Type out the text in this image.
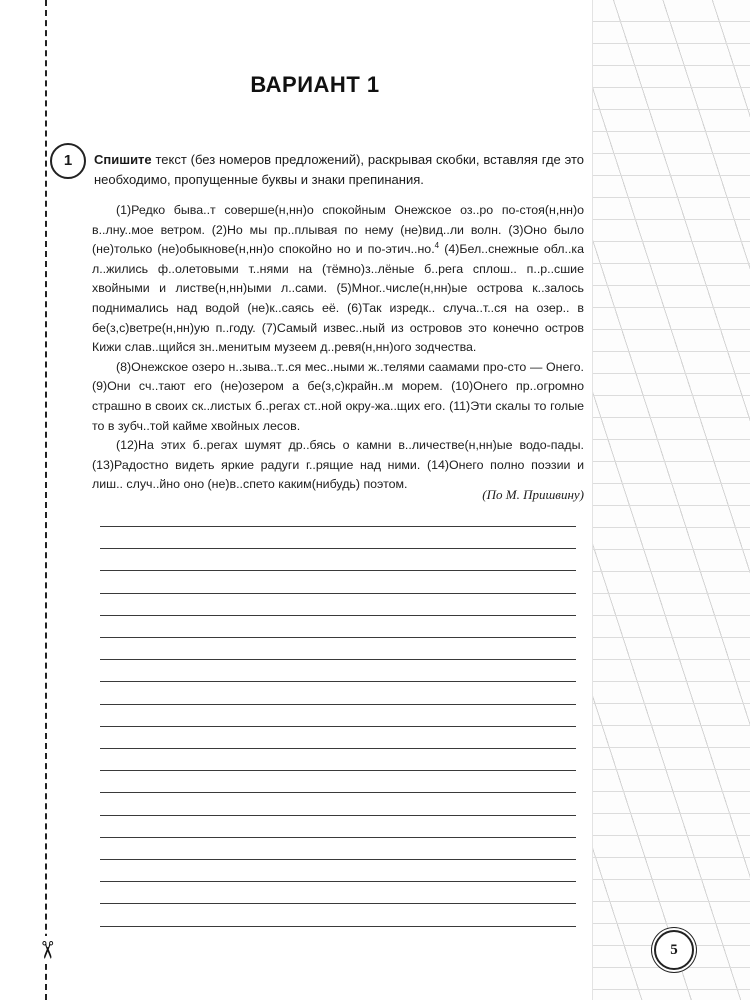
✂
ВАРИАНТ 1
1	Спишите текст (без номеров предложений), раскрывая скобки, вставляя где это необходимо, пропущенные буквы и знаки препинания.

(1)Редко быва..т соверше(н,нн)о спокойным Онежское оз..ро по-стоя(н,нн)о в..лну..мое ветром. (2)Но мы пр..плывая по нему (не)вид..ли волн. (3)Оно было (не)только (не)обыкнове(н,нн)о спокойно но и по-этич..но.$^4$ (4)Бел..снежные обл..ка л..жились ф..олетовыми т..нями на (тёмно)з..лёные б..рега сплош.. п..р..сшие хвойными и листве(н,нн)ыми л..сами. (5)Мног..числе(н,нн)ые острова к..залось поднимались над водой (не)к..саясь её. (6)Так изредк.. случа..т..ся на озер.. в бе(з,с)ветре(н,нн)ую п..году. (7)Самый извес..ный из островов это конечно остров Кижи слав..щийся зн..менитым музеем д..ревя(н,нн)ого зодчества.

(8)Онежское озеро н..зыва..т..ся мес..ными ж..телями саамами про-сто — Онего. (9)Они сч..тают его (не)озером а бе(з,с)крайн..м морем. (10)Онего пр..огромно страшно в своих ск..листых б..регах ст..ной окру-жа..щих его. (11)Эти скалы то голые то в зубч..той кайме хвойных лесов.

(12)На этих б..регах шумят др..бясь о камни в..личестве(н,нн)ые водо-пады. (13)Радостно видеть яркие радуги г..рящие над ними. (14)Онего полно поэзии и лиш.. случ..йно оно (не)в..спето каким(нибудь) поэтом.

(По М. Пришвину)
5
